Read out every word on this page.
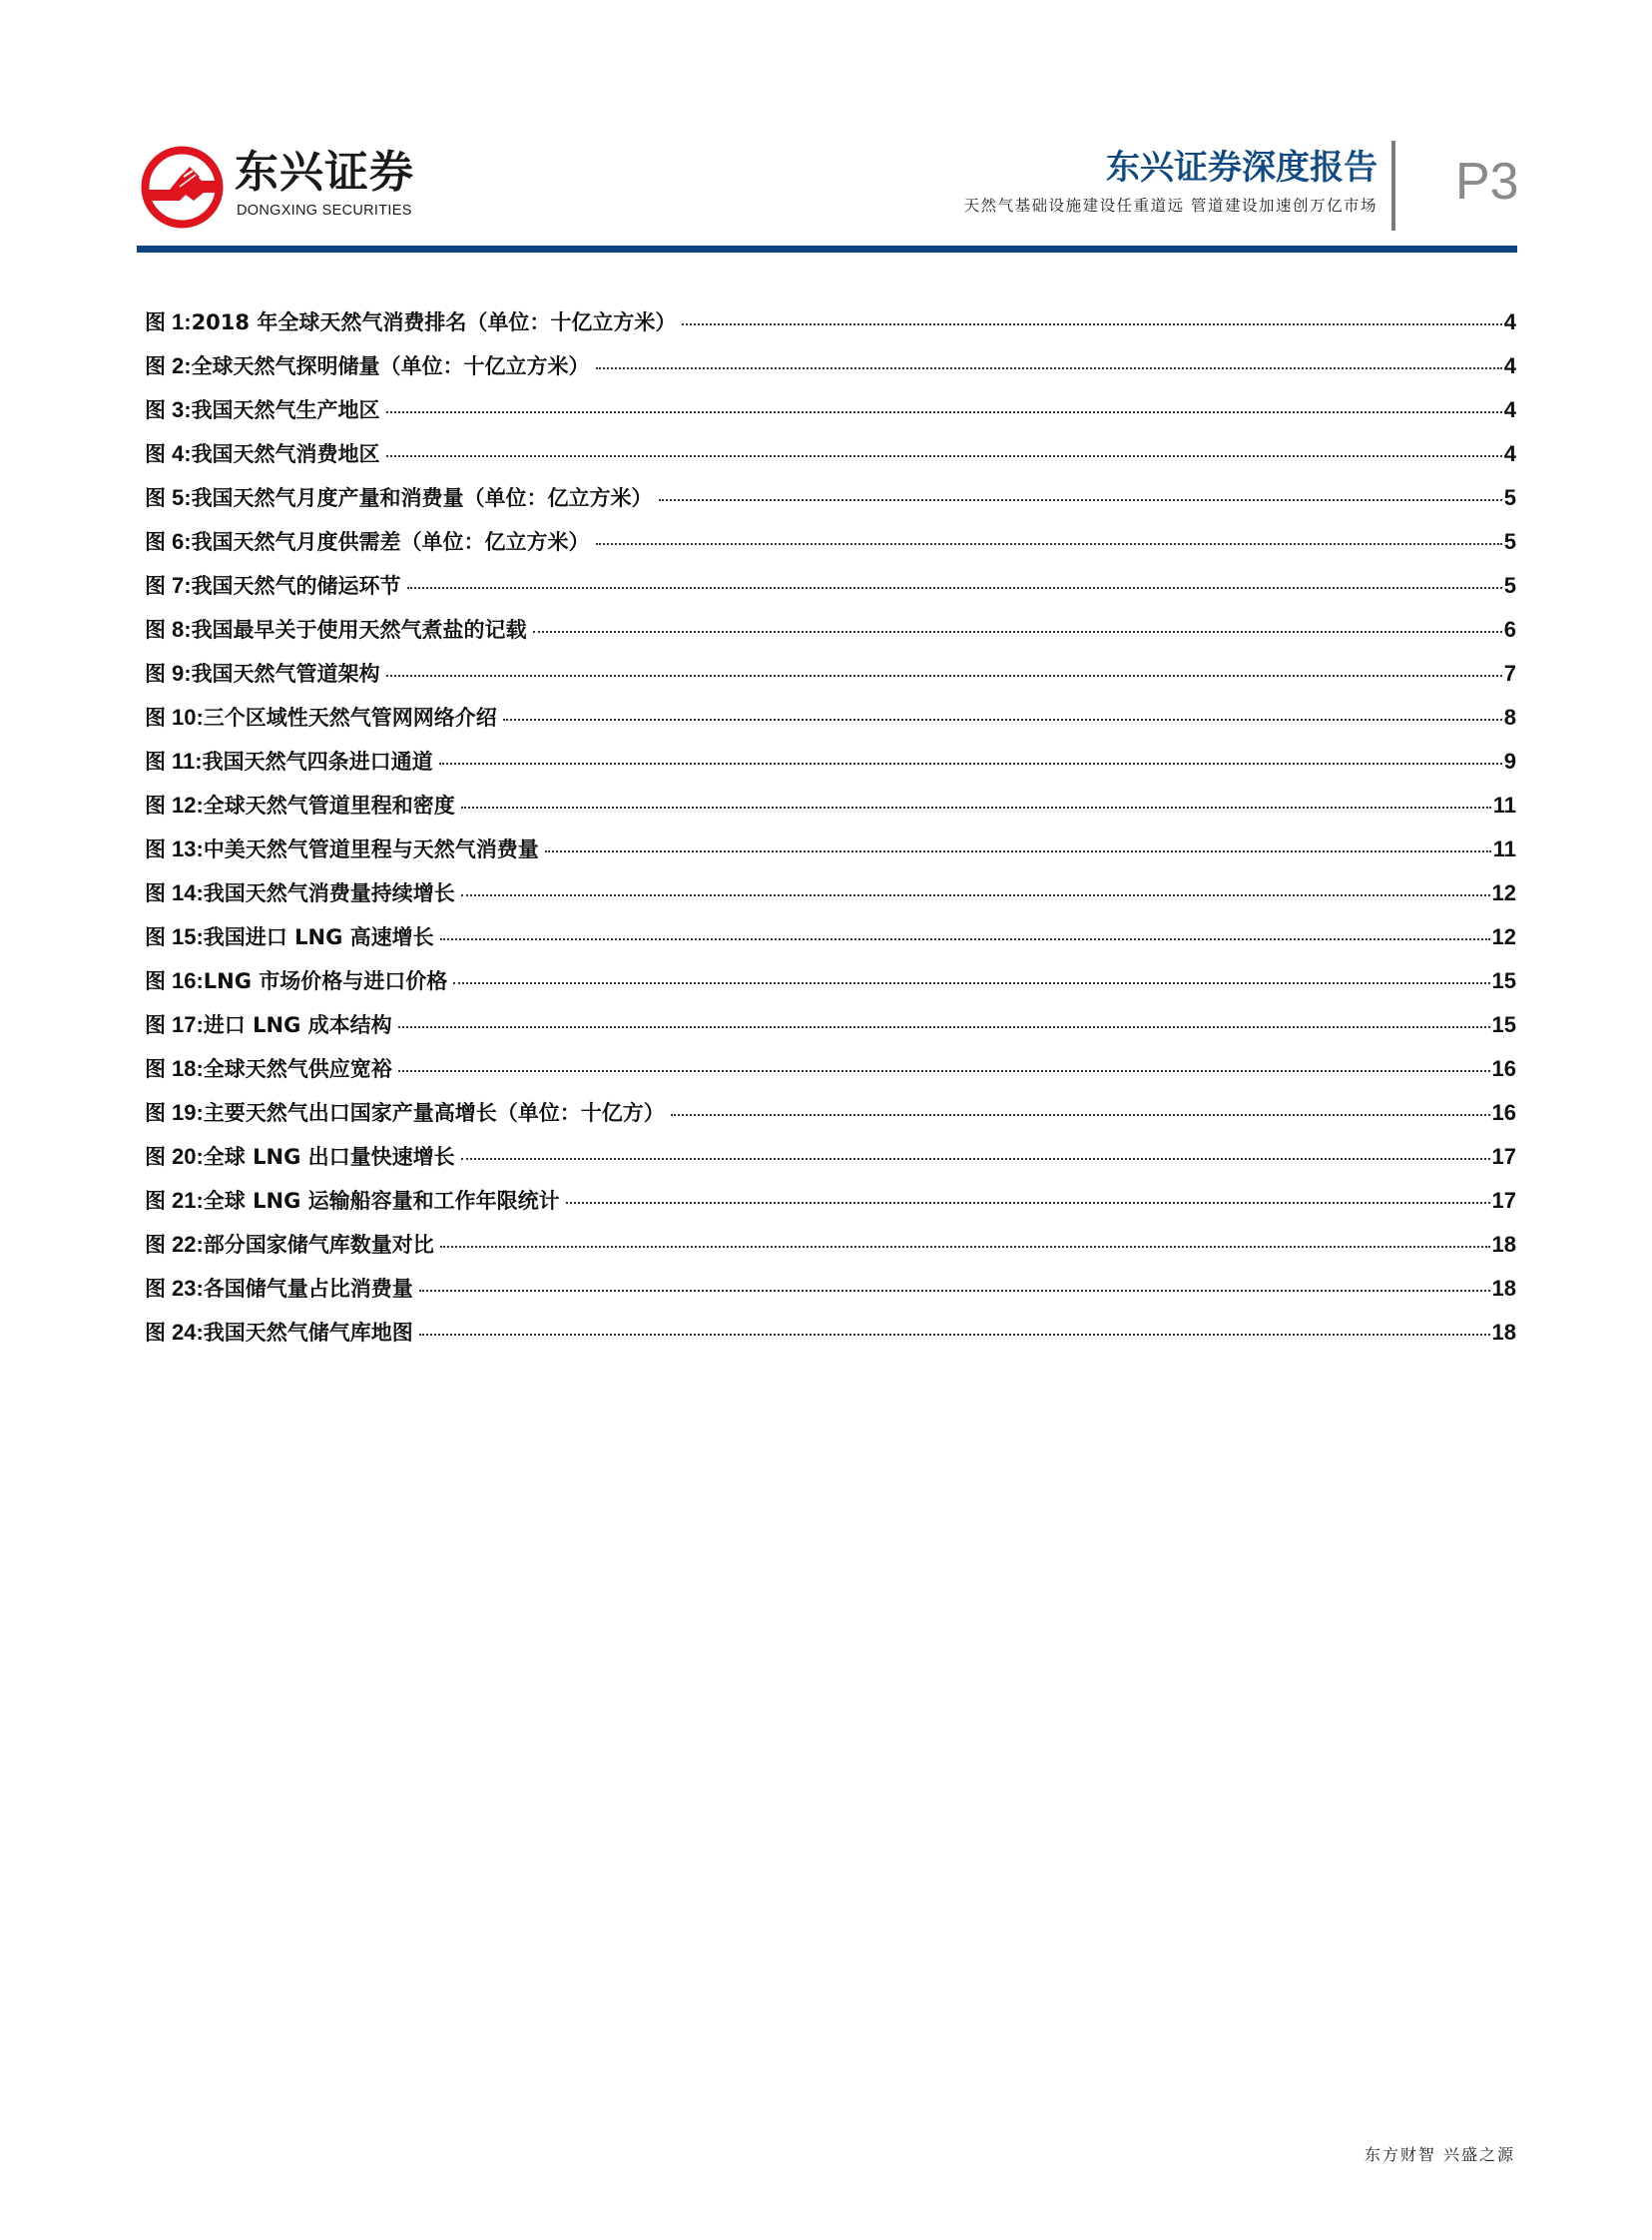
东兴证券
DONGXING SECURITIES
东兴证券深度报告
天然气基础设施建设任重道远 管道建设加速创万亿市场 P3
图 1:2018 年全球天然气消费排名（单位：十亿立方米）	4
图 2:全球天然气探明储量（单位：十亿立方米）	4
图 3:我国天然气生产地区	4
图 4:我国天然气消费地区	4
图 5:我国天然气月度产量和消费量（单位：亿立方米）	5
图 6:我国天然气月度供需差（单位：亿立方米）	5
图 7:我国天然气的储运环节	5
图 8:我国最早关于使用天然气煮盐的记载	6
图 9:我国天然气管道架构	7
图 10:三个区域性天然气管网网络介绍	8
图 11:我国天然气四条进口通道	9
图 12:全球天然气管道里程和密度	11
图 13:中美天然气管道里程与天然气消费量	11
图 14:我国天然气消费量持续增长	12
图 15:我国进口 LNG 高速增长	12
图 16:LNG 市场价格与进口价格	15
图 17:进口 LNG 成本结构	15
图 18:全球天然气供应宽裕	16
图 19:主要天然气出口国家产量高增长（单位：十亿方）	16
图 20:全球 LNG 出口量快速增长	17
图 21:全球 LNG 运输船容量和工作年限统计	17
图 22:部分国家储气库数量对比	18
图 23:各国储气量占比消费量	18
图 24:我国天然气储气库地图	18
东方财智 兴盛之源
